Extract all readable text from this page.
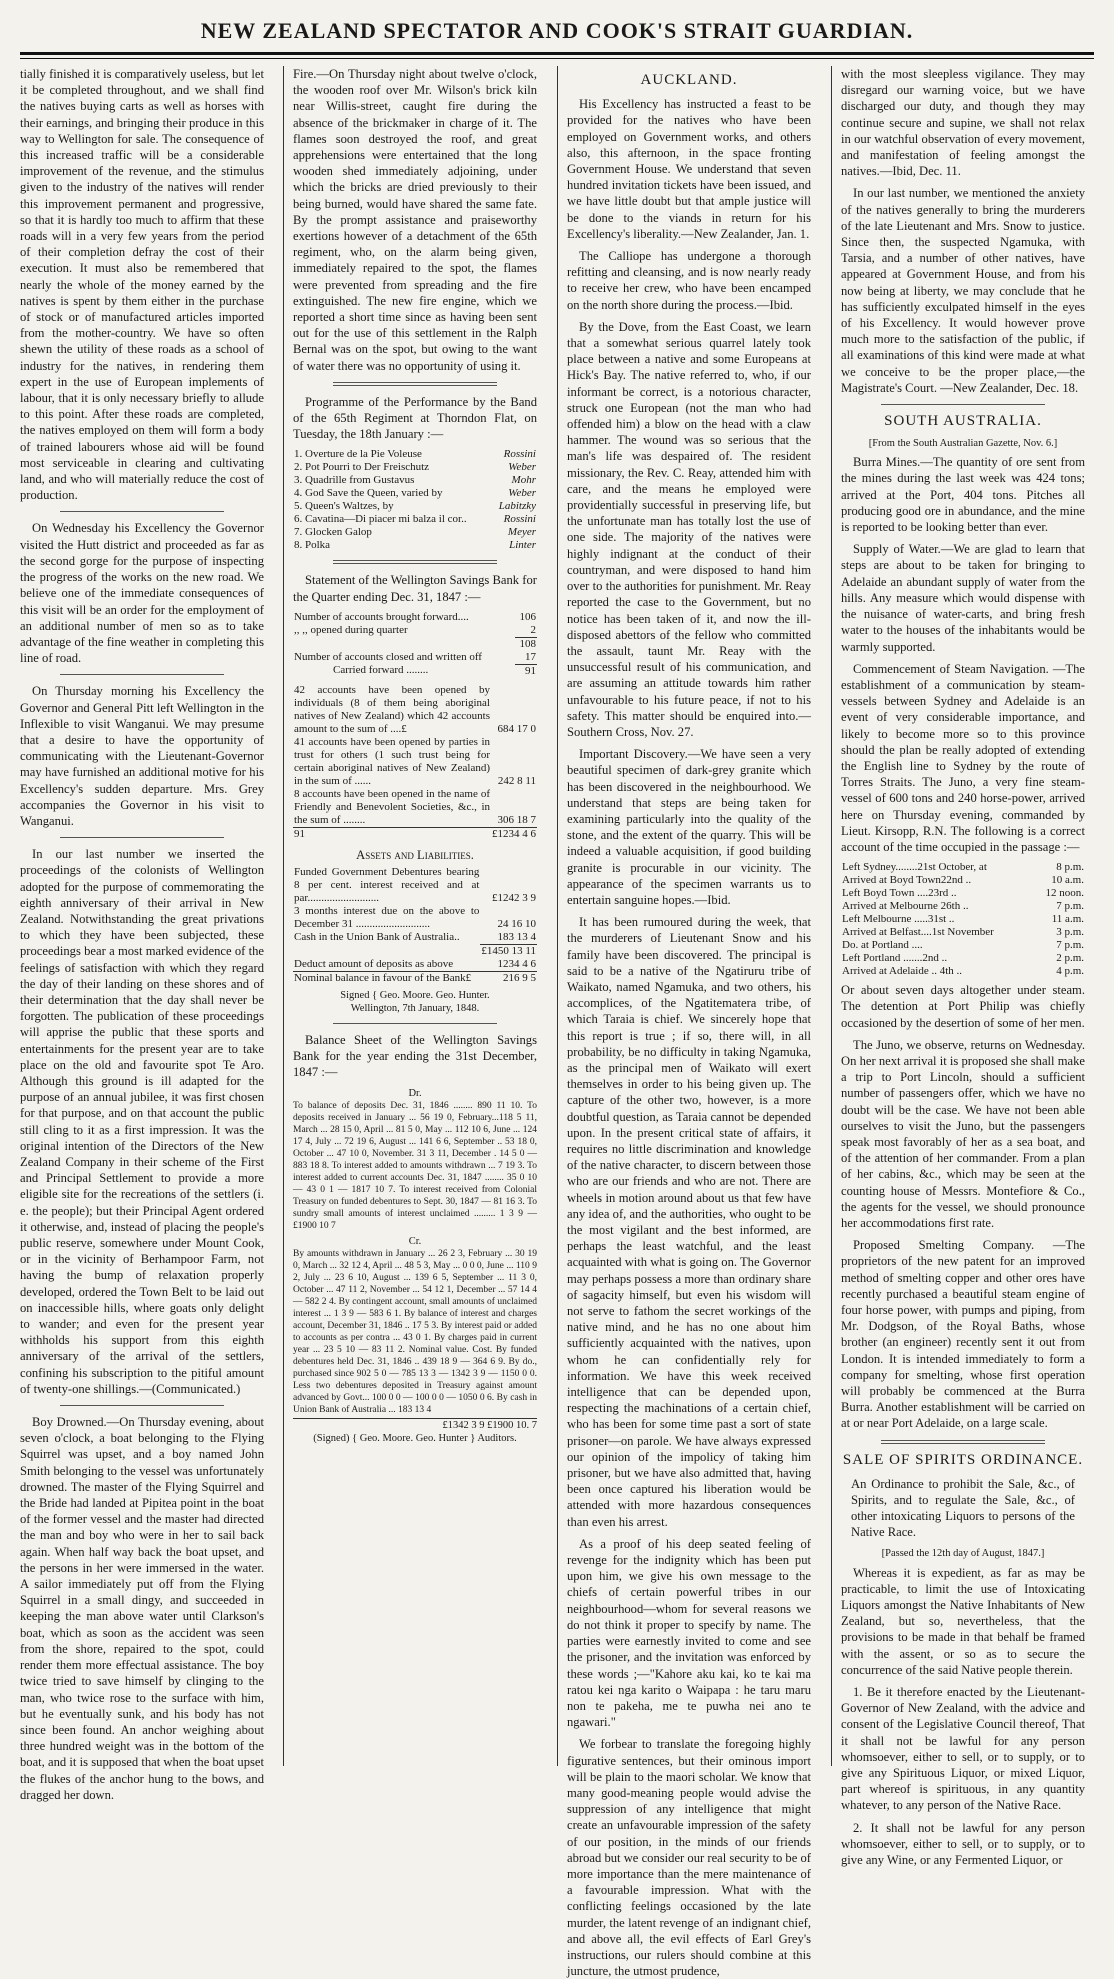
NEW ZEALAND SPECTATOR AND COOK'S STRAIT GUARDIAN.

tially finished it is comparatively useless, but let it be completed throughout, and we shall find the natives buying carts as well as horses with their earnings, and bringing their produce in this way to Wellington for sale. The consequence of this increased traffic will be a considerable improvement of the revenue, and the stimulus given to the industry of the natives will render this improvement permanent and progressive, so that it is hardly too much to affirm that these roads will in a very few years from the period of their completion defray the cost of their execution. It must also be remembered that nearly the whole of the money earned by the natives is spent by them either in the purchase of stock or of manufactured articles imported from the mother-country. We have so often shewn the utility of these roads as a school of industry for the natives, in rendering them expert in the use of European implements of labour, that it is only necessary briefly to allude to this point. After these roads are completed, the natives employed on them will form a body of trained labourers whose aid will be found most serviceable in clearing and cultivating land, and who will materially reduce the cost of production.

On Wednesday his Excellency the Governor visited the Hutt district and proceeded as far as the second gorge for the purpose of inspecting the progress of the works on the new road. We believe one of the immediate consequences of this visit will be an order for the employment of an additional number of men so as to take advantage of the fine weather in completing this line of road.

On Thursday morning his Excellency the Governor and General Pitt left Wellington in the Inflexible to visit Wanganui. We may presume that a desire to have the opportunity of communicating with the Lieutenant-Governor may have furnished an additional motive for his Excellency's sudden departure. Mrs. Grey accompanies the Governor in his visit to Wanganui.

In our last number we inserted the proceedings of the colonists of Wellington adopted for the purpose of commemorating the eighth anniversary of their arrival in New Zealand. Notwithstanding the great privations to which they have been subjected, these proceedings bear a most marked evidence of the feelings of satisfaction with which they regard the day of their landing on these shores and of their determination that the day shall never be forgotten. The publication of these proceedings will apprise the public that these sports and entertainments for the present year are to take place on the old and favourite spot Te Aro. Although this ground is ill adapted for the purpose of an annual jubilee, it was first chosen for that purpose, and on that account the public still cling to it as a first impression. It was the original intention of the Directors of the New Zealand Company in their scheme of the First and Principal Settlement to provide a more eligible site for the recreations of the settlers (i. e. the people); but their Principal Agent ordered it otherwise, and, instead of placing the people's public reserve, somewhere under Mount Cook, or in the vicinity of Berhampoor Farm, not having the bump of relaxation properly developed, ordered the Town Belt to be laid out on inaccessible hills, where goats only delight to wander; and even for the present year withholds his support from this eighth anniversary of the arrival of the settlers, confining his subscription to the pitiful amount of twenty-one shillings.—(Communicated.)

Boy Drowned.—On Thursday evening, about seven o'clock, a boat belonging to the Flying Squirrel was upset, and a boy named John Smith belonging to the vessel was unfortunately drowned. The master of the Flying Squirrel and the Bride had landed at Pipitea point in the boat of the former vessel and the master had directed the man and boy who were in her to sail back again. When half way back the boat upset, and the persons in her were immersed in the water. A sailor immediately put off from the Flying Squirrel in a small dingy, and succeeded in keeping the man above water until Clarkson's boat, which as soon as the accident was seen from the shore, repaired to the spot, could render them more effectual assistance. The boy twice tried to save himself by clinging to the man, who twice rose to the surface with him, but he eventually sunk, and his body has not since been found. An anchor weighing about three hundred weight was in the bottom of the boat, and it is supposed that when the boat upset the flukes of the anchor hung to the bows, and dragged her down.

Fire.—On Thursday night about twelve o'clock, the wooden roof over Mr. Wilson's brick kiln near Willis-street, caught fire during the absence of the brickmaker in charge of it. The flames soon destroyed the roof, and great apprehensions were entertained that the long wooden shed immediately adjoining, under which the bricks are dried previously to their being burned, would have shared the same fate. By the prompt assistance and praiseworthy exertions however of a detachment of the 65th regiment, who, on the alarm being given, immediately repaired to the spot, the flames were prevented from spreading and the fire extinguished. The new fire engine, which we reported a short time since as having been sent out for the use of this settlement in the Ralph Bernal was on the spot, but owing to the want of water there was no opportunity of using it.

Programme of the Performance by the Band of the 65th Regiment at Thorndon Flat, on Tuesday, the 18th January :—

1. Overture de la Pie Voleuse	Rossini
2. Pot Pourri to Der Freischutz	Weber
3. Quadrille from Gustavus	Mohr
4. God Save the Queen, varied by	Weber
5. Queen's Waltzes, by	Labitzky
6. Cavatina—Di piacer mi balza il cor..	Rossini
7. Glocken Galop	Meyer
8. Polka	Linter

Statement of the Wellington Savings Bank for the Quarter ending Dec. 31, 1847 :—

Number of accounts brought forward....	106
,, ,, opened during quarter	2
	108
Number of accounts closed and written off	17
Carried forward ........	91
42 accounts have been opened by individuals (8 of them being aboriginal natives of New Zealand) which 42 accounts amount to the sum of ....£	684 17 0
41 accounts have been opened by parties in trust for others (1 such trust being for certain aboriginal natives of New Zealand) in the sum of ......	242 8 11
8 accounts have been opened in the name of Friendly and Benevolent Societies, &c., in the sum of ........	306 18 7
91	£1234 4 6
Assets and Liabilities.
Funded Government Debentures bearing 8 per cent. interest received and at par..........................	£1242 3 9
3 months interest due on the above to December 31 ...........................	24 16 10
Cash in the Union Bank of Australia..	183 13 4
	£1450 13 11
Deduct amount of deposits as above	1234 4 6
Nominal balance in favour of the Bank£	216 9 5
Signed { Geo. Moore. Geo. Hunter.
Wellington, 7th January, 1848.

Balance Sheet of the Wellington Savings Bank for the year ending the 31st December, 1847 :—

Dr.
To balance of deposits Dec. 31, 1846 ........ 890 11 10. To deposits received in January ... 56 19 0, February...118 5 11, March ... 28 15 0, April ... 81 5 0, May ... 112 10 6, June ... 124 17 4, July ... 72 19 6, August ... 141 6 6, September .. 53 18 0, October ... 47 10 0, November. 31 3 11, December . 14 5 0 — 883 18 8. To interest added to amounts withdrawn ... 7 19 3. To interest added to current accounts Dec. 31, 1847 ........ 35 0 10 — 43 0 1 — 1817 10 7. To interest received from Colonial Treasury on funded debentures to Sept. 30, 1847 — 81 16 3. To sundry small amounts of interest unclaimed ......... 1 3 9 — £1900 10 7
Cr.
By amounts withdrawn in January ... 26 2 3, February ... 30 19 0, March ... 32 12 4, April ... 48 5 3, May ... 0 0 0, June ... 110 9 2, July ... 23 6 10, August ... 139 6 5, September ... 11 3 0, October ... 47 11 2, November ... 54 12 1, December ... 57 14 4 — 582 2 4. By contingent account, small amounts of unclaimed interest ... 1 3 9 — 583 6 1. By balance of interest and charges account, December 31, 1846 .. 17 5 3. By interest paid or added to accounts as per contra ... 43 0 1. By charges paid in current year ... 23 5 10 — 83 11 2. Nominal value. Cost. By funded debentures held Dec. 31, 1846 .. 439 18 9 — 364 6 9. By do., purchased since 902 5 0 — 785 13 3 — 1342 3 9 — 1150 0 0. Less two debentures deposited in Treasury against amount advanced by Govt... 100 0 0 — 100 0 0 — 1050 0 6. By cash in Union Bank of Australia ... 183 13 4
£1342 3 9 £1900 10. 7
(Signed) { Geo. Moore. Geo. Hunter } Auditors.
AUCKLAND.

His Excellency has instructed a feast to be provided for the natives who have been employed on Government works, and others also, this afternoon, in the space fronting Government House. We understand that seven hundred invitation tickets have been issued, and we have little doubt but that ample justice will be done to the viands in return for his Excellency's liberality.—New Zealander, Jan. 1.

The Calliope has undergone a thorough refitting and cleansing, and is now nearly ready to receive her crew, who have been encamped on the north shore during the process.—Ibid.

By the Dove, from the East Coast, we learn that a somewhat serious quarrel lately took place between a native and some Europeans at Hick's Bay. The native referred to, who, if our informant be correct, is a notorious character, struck one European (not the man who had offended him) a blow on the head with a claw hammer. The wound was so serious that the man's life was despaired of. The resident missionary, the Rev. C. Reay, attended him with care, and the means he employed were providentially successful in preserving life, but the unfortunate man has totally lost the use of one side. The majority of the natives were highly indignant at the conduct of their countryman, and were disposed to hand him over to the authorities for punishment. Mr. Reay reported the case to the Government, but no notice has been taken of it, and now the ill-disposed abettors of the fellow who committed the assault, taunt Mr. Reay with the unsuccessful result of his communication, and are assuming an attitude towards him rather unfavourable to his future peace, if not to his safety. This matter should be enquired into.—Southern Cross, Nov. 27.

Important Discovery.—We have seen a very beautiful specimen of dark-grey granite which has been discovered in the neighbourhood. We understand that steps are being taken for examining particularly into the quality of the stone, and the extent of the quarry. This will be indeed a valuable acquisition, if good building granite is procurable in our vicinity. The appearance of the specimen warrants us to entertain sanguine hopes.—Ibid.

It has been rumoured during the week, that the murderers of Lieutenant Snow and his family have been discovered. The principal is said to be a native of the Ngatiruru tribe of Waikato, named Ngamuka, and two others, his accomplices, of the Ngatitematera tribe, of which Taraia is chief. We sincerely hope that this report is true ; if so, there will, in all probability, be no difficulty in taking Ngamuka, as the principal men of Waikato will exert themselves in order to his being given up. The capture of the other two, however, is a more doubtful question, as Taraia cannot be depended upon. In the present critical state of affairs, it requires no little discrimination and knowledge of the native character, to discern between those who are our friends and who are not. There are wheels in motion around about us that few have any idea of, and the authorities, who ought to be the most vigilant and the best informed, are perhaps the least watchful, and the least acquainted with what is going on. The Governor may perhaps possess a more than ordinary share of sagacity himself, but even his wisdom will not serve to fathom the secret workings of the native mind, and he has no one about him sufficiently acquainted with the natives, upon whom he can confidentially rely for information. We have this week received intelligence that can be depended upon, respecting the machinations of a certain chief, who has been for some time past a sort of state prisoner—on parole. We have always expressed our opinion of the impolicy of taking him prisoner, but we have also admitted that, having been once captured his liberation would be attended with more hazardous consequences than even his arrest.

As a proof of his deep seated feeling of revenge for the indignity which has been put upon him, we give his own message to the chiefs of certain powerful tribes in our neighbourhood—whom for several reasons we do not think it proper to specify by name. The parties were earnestly invited to come and see the prisoner, and the invitation was enforced by these words ;—"Kahore aku kai, ko te kai ma ratou kei nga karito o Waipapa : he taru maru non te pakeha, me te puwha nei ano te ngawari."

We forbear to translate the foregoing highly figurative sentences, but their ominous import will be plain to the maori scholar. We know that many good-meaning people would advise the suppression of any intelligence that might create an unfavourable impression of the safety of our position, in the minds of our friends abroad but we consider our real security to be of more importance than the mere maintenance of a favourable impression. What with the conflicting feelings occasioned by the late murder, the latent revenge of an indignant chief, and above all, the evil effects of Earl Grey's instructions, our rulers should combine at this juncture, the utmost prudence,

with the most sleepless vigilance. They may disregard our warning voice, but we have discharged our duty, and though they may continue secure and supine, we shall not relax in our watchful observation of every movement, and manifestation of feeling amongst the natives.—Ibid, Dec. 11.

In our last number, we mentioned the anxiety of the natives generally to bring the murderers of the late Lieutenant and Mrs. Snow to justice. Since then, the suspected Ngamuka, with Tarsia, and a number of other natives, have appeared at Government House, and from his now being at liberty, we may conclude that he has sufficiently exculpated himself in the eyes of his Excellency. It would however prove much more to the satisfaction of the public, if all examinations of this kind were made at what we conceive to be the proper place,—the Magistrate's Court. —New Zealander, Dec. 18.

SOUTH AUSTRALIA.
[From the South Australian Gazette, Nov. 6.]

Burra Mines.—The quantity of ore sent from the mines during the last week was 424 tons; arrived at the Port, 404 tons. Pitches all producing good ore in abundance, and the mine is reported to be looking better than ever.

Supply of Water.—We are glad to learn that steps are about to be taken for bringing to Adelaide an abundant supply of water from the hills. Any measure which would dispense with the nuisance of water-carts, and bring fresh water to the houses of the inhabitants would be warmly supported.

Commencement of Steam Navigation. —The establishment of a communication by steam-vessels between Sydney and Adelaide is an event of very considerable importance, and likely to become more so to this province should the plan be really adopted of extending the English line to Sydney by the route of Torres Straits. The Juno, a very fine steam-vessel of 600 tons and 240 horse-power, arrived here on Thursday evening, commanded by Lieut. Kirsopp, R.N. The following is a correct account of the time occupied in the passage :—

Left Sydney........21st October, at	8 p.m.
Arrived at Boyd Town22nd ..	10 a.m.
Left Boyd Town ....23rd ..	12 noon.
Arrived at Melbourne 26th ..	7 p.m.
Left Melbourne .....31st ..	11 a.m.
Arrived at Belfast....1st November	3 p.m.
Do. at Portland ....	7 p.m.
Left Portland .......2nd ..	2 p.m.
Arrived at Adelaide .. 4th ..	4 p.m.

Or about seven days altogether under steam. The detention at Port Philip was chiefly occasioned by the desertion of some of her men.

The Juno, we observe, returns on Wednesday. On her next arrival it is proposed she shall make a trip to Port Lincoln, should a sufficient number of passengers offer, which we have no doubt will be the case. We have not been able ourselves to visit the Juno, but the passengers speak most favorably of her as a sea boat, and of the attention of her commander. From a plan of her cabins, &c., which may be seen at the counting house of Messrs. Montefiore & Co., the agents for the vessel, we should pronounce her accommodations first rate.

Proposed Smelting Company. —The proprietors of the new patent for an improved method of smelting copper and other ores have recently purchased a beautiful steam engine of four horse power, with pumps and piping, from Mr. Dodgson, of the Royal Baths, whose brother (an engineer) recently sent it out from London. It is intended immediately to form a company for smelting, whose first operation will probably be commenced at the Burra Burra. Another establishment will be carried on at or near Port Adelaide, on a large scale.

SALE OF SPIRITS ORDINANCE.

An Ordinance to prohibit the Sale, &c., of Spirits, and to regulate the Sale, &c., of other intoxicating Liquors to persons of the Native Race.

[Passed the 12th day of August, 1847.]

Whereas it is expedient, as far as may be practicable, to limit the use of Intoxicating Liquors amongst the Native Inhabitants of New Zealand, but so, nevertheless, that the provisions to be made in that behalf be framed with the assent, or so as to secure the concurrence of the said Native people therein.

1. Be it therefore enacted by the Lieutenant-Governor of New Zealand, with the advice and consent of the Legislative Council thereof, That it shall not be lawful for any person whomsoever, either to sell, or to supply, or to give any Spirituous Liquor, or mixed Liquor, part whereof is spirituous, in any quantity whatever, to any person of the Native Race.

2. It shall not be lawful for any person whomsoever, either to sell, or to supply, or to give any Wine, or any Fermented Liquor, or
